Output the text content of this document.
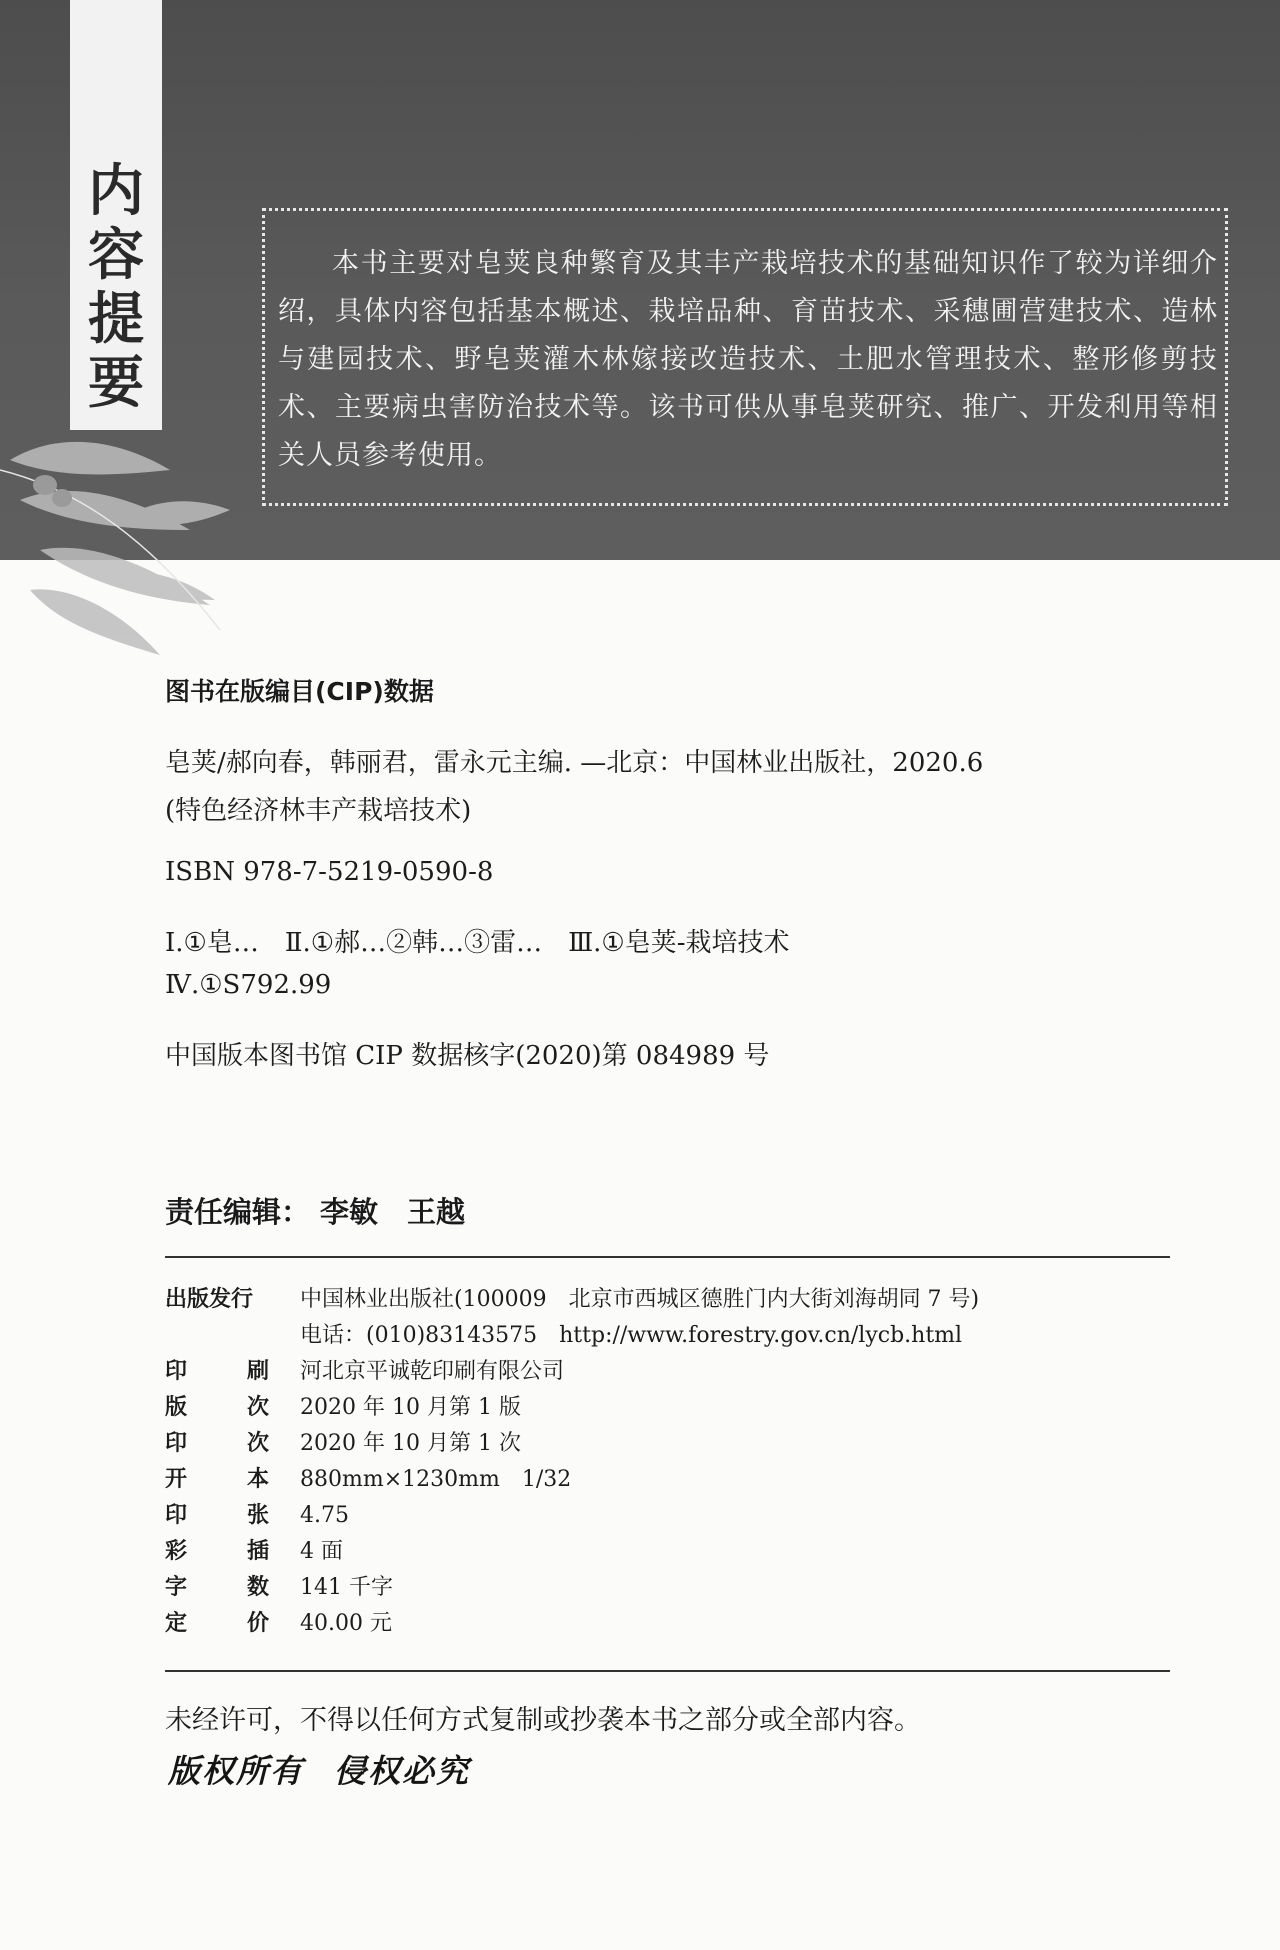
内
容
提
要
本书主要对皂荚良种繁育及其丰产栽培技术的基础知识作了较为详细介绍，具体内容包括基本概述、栽培品种、育苗技术、采穗圃营建技术、造林与建园技术、野皂荚灌木林嫁接改造技术、土肥水管理技术、整形修剪技术、主要病虫害防治技术等。该书可供从事皂荚研究、推广、开发利用等相关人员参考使用。
图书在版编目(CIP)数据
皂荚/郝向春，韩丽君，雷永元主编. —北京：中国林业出版社，2020.6
(特色经济林丰产栽培技术)
ISBN 978-7-5219-0590-8
Ⅰ.①皂…　Ⅱ.①郝…②韩…③雷…　Ⅲ.①皂荚-栽培技术
Ⅳ.①S792.99
中国版本图书馆 CIP 数据核字(2020)第 084989 号
责任编辑： 李敏　王越
出版发行	中国林业出版社(100009　北京市西城区德胜门内大街刘海胡同 7 号)
电话：(010)83143575　http://www.forestry.gov.cn/lycb.html
印	刷 河北京平诚乾印刷有限公司
版	次 2020 年 10 月第 1 版
印	次 2020 年 10 月第 1 次
开	本 880mm×1230mm　1/32
印	张 4.75
彩	插 4 面
字	数 141 千字
定	价 40.00 元
未经许可，不得以任何方式复制或抄袭本书之部分或全部内容。
版权所有 侵权必究
